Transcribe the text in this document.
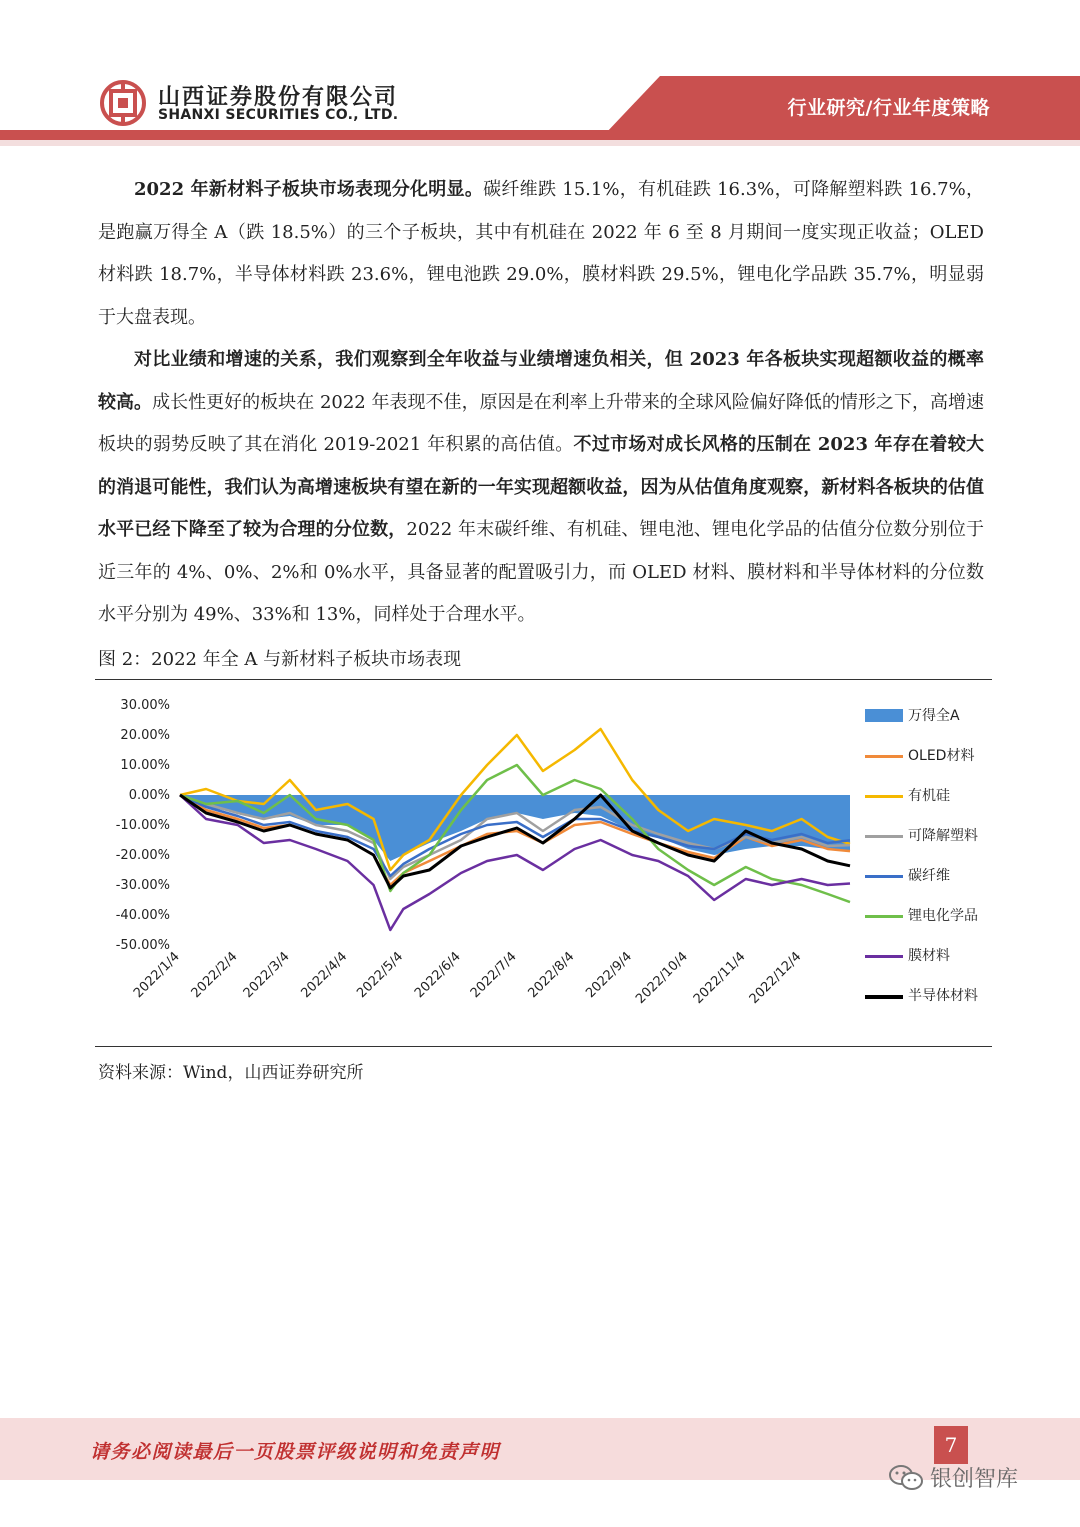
山西证券股份有限公司
SHANXI SECURITIES CO., LTD.	行业研究/行业年度策略
2022 年新材料子板块市场表现分化明显。碳纤维跌 15.1%，有机硅跌 16.3%，可降解塑料跌 16.7%，是跑赢万得全 A（跌 18.5%）的三个子板块，其中有机硅在 2022 年 6 至 8 月期间一度实现正收益；OLED 材料跌 18.7%，半导体材料跌 23.6%，锂电池跌 29.0%，膜材料跌 29.5%，锂电化学品跌 35.7%，明显弱于大盘表现。
对比业绩和增速的关系，我们观察到全年收益与业绩增速负相关，但 2023 年各板块实现超额收益的概率较高。成长性更好的板块在 2022 年表现不佳，原因是在利率上升带来的全球风险偏好降低的情形之下，高增速板块的弱势反映了其在消化 2019-2021 年积累的高估值。不过市场对成长风格的压制在 2023 年存在着较大的消退可能性，我们认为高增速板块有望在新的一年实现超额收益，因为从估值角度观察，新材料各板块的估值水平已经下降至了较为合理的分位数，2022 年末碳纤维、有机硅、锂电池、锂电化学品的估值分位数分别位于近三年的 4%、0%、2%和 0%水平，具备显著的配置吸引力，而 OLED 材料、膜材料和半导体材料的分位数水平分别为 49%、33%和 13%，同样处于合理水平。
图 2：2022 年全 A 与新材料子板块市场表现
30.00%
20.00%
10.00%
0.00%
-10.00%
-20.00%
-30.00%
-40.00%
-50.00%
2022/1/4 2022/2/4 2022/3/4 2022/4/4 2022/5/4 2022/6/4 2022/7/4 2022/8/4 2022/9/4
2022/10/4 2022/11/4
2022/12/4
万得全A
OLED材料
有机硅
可降解塑料
碳纤维
锂电化学品
膜材料
半导体材料
资料来源：Wind，山西证券研究所
请务必阅读最后一页股票评级说明和免责声明	7
银创智库
